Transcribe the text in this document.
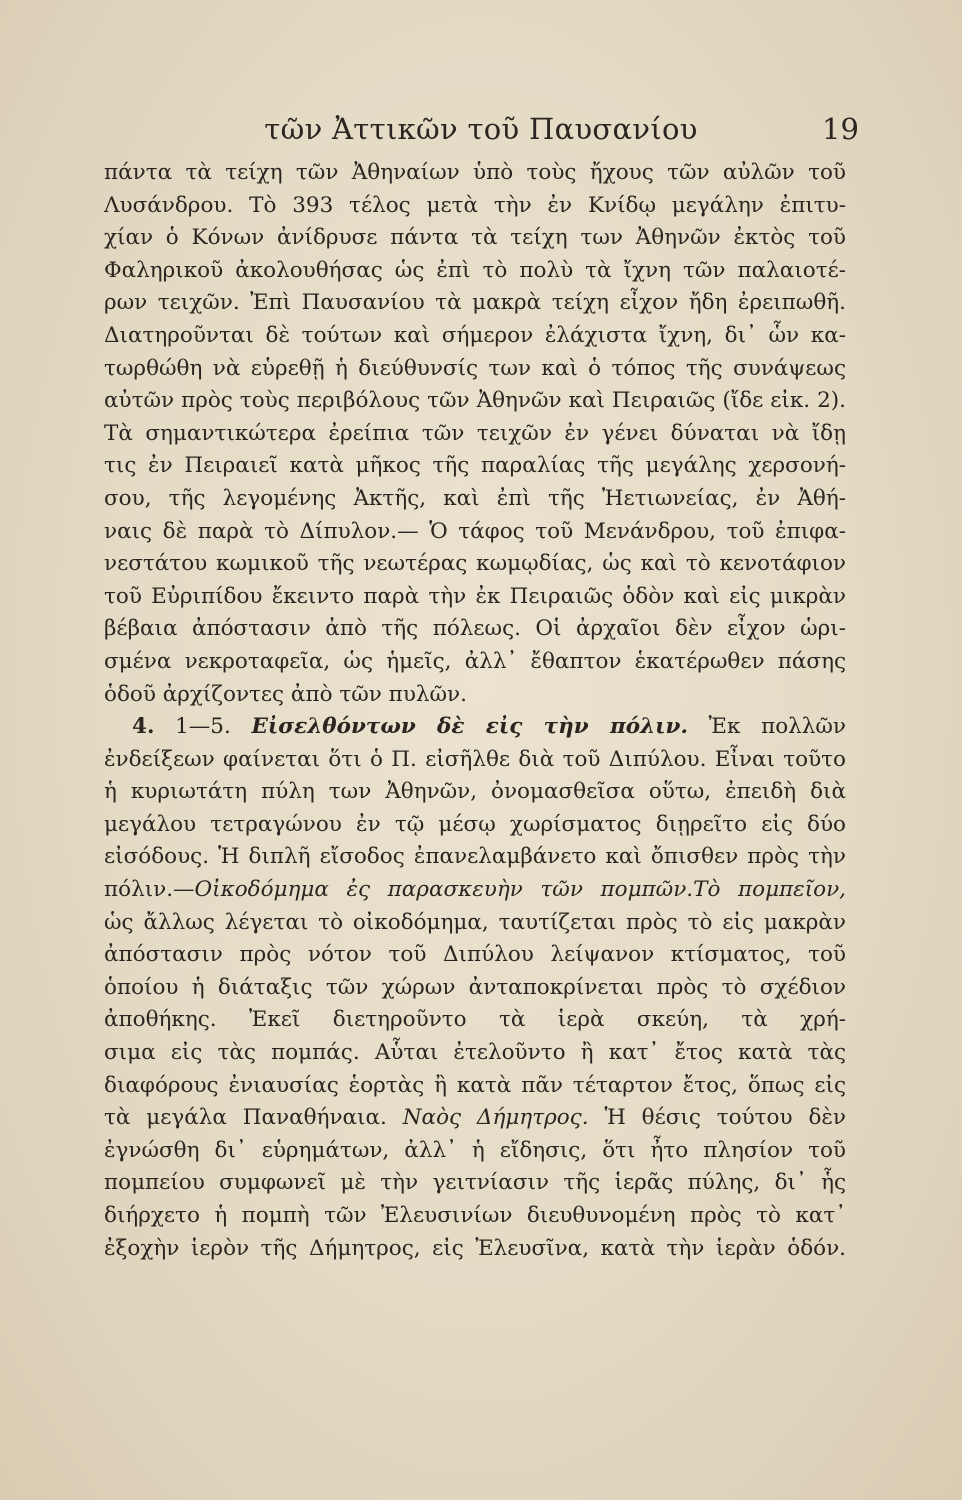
τῶν Ἀττικῶν τοῦ Παυσανίου	19
πάντα τὰ τείχη τῶν Ἀθηναίων ὑπὸ τοὺς ἤχους τῶν αὐλῶν τοῦ
Λυσάνδρου. Τὸ 393 τέλος μετὰ τὴν ἐν Κνίδῳ μεγάλην ἐπιτυ-
χίαν ὁ Κόνων ἀνίδρυσε πάντα τὰ τείχη των Ἀθηνῶν ἐκτὸς τοῦ
Φαληρικοῦ ἀκολουθήσας ὡς ἐπὶ τὸ πολὺ τὰ ἴχνη τῶν παλαιοτέ-
ρων τειχῶν. Ἐπὶ Παυσανίου τὰ μακρὰ τείχη εἶχον ἤδη ἐρειπωθῆ.
Διατηροῦνται δὲ τούτων καὶ σήμερον ἐλάχιστα ἴχνη, δι᾽ ὧν κα-
τωρθώθη νὰ εὑρεθῇ ἡ διεύθυνσίς των καὶ ὁ τόπος τῆς συνάψεως
αὐτῶν πρὸς τοὺς περιβόλους τῶν Ἀθηνῶν καὶ Πειραιῶς (ἴδε εἰκ. 2).
Τὰ σημαντικώτερα ἐρείπια τῶν τειχῶν ἐν γένει δύναται νὰ ἴδῃ
τις ἐν Πειραιεῖ κατὰ μῆκος τῆς παραλίας τῆς μεγάλης χερσονή-
σου, τῆς λεγομένης Ἀκτῆς, καὶ ἐπὶ τῆς Ἠετιωνείας, ἐν Ἀθή-
ναις δὲ παρὰ τὸ Δίπυλον.— Ὁ τάφος τοῦ Μενάνδρου, τοῦ ἐπιφα-
νεστάτου κωμικοῦ τῆς νεωτέρας κωμῳδίας, ὡς καὶ τὸ κενοτάφιον
τοῦ Εὐριπίδου ἔκειντο παρὰ τὴν ἐκ Πειραιῶς ὁδὸν καὶ εἰς μικρὰν
βέβαια ἀπόστασιν ἀπὸ τῆς πόλεως. Οἱ ἀρχαῖοι δὲν εἶχον ὡρι-
σμένα νεκροταφεῖα, ὡς ἡμεῖς, ἀλλ᾽ ἔθαπτον ἑκατέρωθεν πάσης
ὁδοῦ ἀρχίζοντες ἀπὸ τῶν πυλῶν.
4. 1—5. Εἰσελθόντων δὲ εἰς τὴν πόλιν. Ἐκ πολλῶν
ἐνδείξεων φαίνεται ὅτι ὁ Π. εἰσῆλθε διὰ τοῦ Διπύλου. Εἶναι τοῦτο
ἡ κυριωτάτη πύλη των Ἀθηνῶν, ὀνομασθεῖσα οὕτω, ἐπειδὴ διὰ
μεγάλου τετραγώνου ἐν τῷ μέσῳ χωρίσματος διῃρεῖτο εἰς δύο
εἰσόδους. Ἡ διπλῆ εἴσοδος ἐπανελαμβάνετο καὶ ὄπισθεν πρὸς τὴν
πόλιν.—Οἰκοδόμημα ἐς παρασκευὴν τῶν πομπῶν.Τὸ πομπεῖον,
ὡς ἄλλως λέγεται τὸ οἰκοδόμημα, ταυτίζεται πρὸς τὸ εἰς μακρὰν
ἀπόστασιν πρὸς νότον τοῦ Διπύλου λείψανον κτίσματος, τοῦ
ὁποίου ἡ διάταξις τῶν χώρων ἀνταποκρίνεται πρὸς τὸ σχέδιον
ἀποθήκης. Ἐκεῖ διετηροῦντο τὰ ἱερὰ σκεύη, τὰ χρή-
σιμα εἰς τὰς πομπάς. Αὗται ἐτελοῦντο ἢ κατ᾽ ἔτος κατὰ τὰς
διαφόρους ἐνιαυσίας ἑορτὰς ἢ κατὰ πᾶν τέταρτον ἔτος, ὅπως εἰς
τὰ μεγάλα Παναθήναια. Ναὸς Δήμητρος. Ἡ θέσις τούτου δὲν
ἐγνώσθη δι᾽ εὑρημάτων, ἀλλ᾽ ἡ εἴδησις, ὅτι ἦτο πλησίον τοῦ
πομπείου συμφωνεῖ μὲ τὴν γειτνίασιν τῆς ἱερᾶς πύλης, δι᾽ ἧς
διήρχετο ἡ πομπὴ τῶν Ἐλευσινίων διευθυνομένη πρὸς τὸ κατ᾽
ἐξοχὴν ἱερὸν τῆς Δήμητρος, εἰς Ἐλευσῖνα, κατὰ τὴν ἱερὰν ὁδόν.
